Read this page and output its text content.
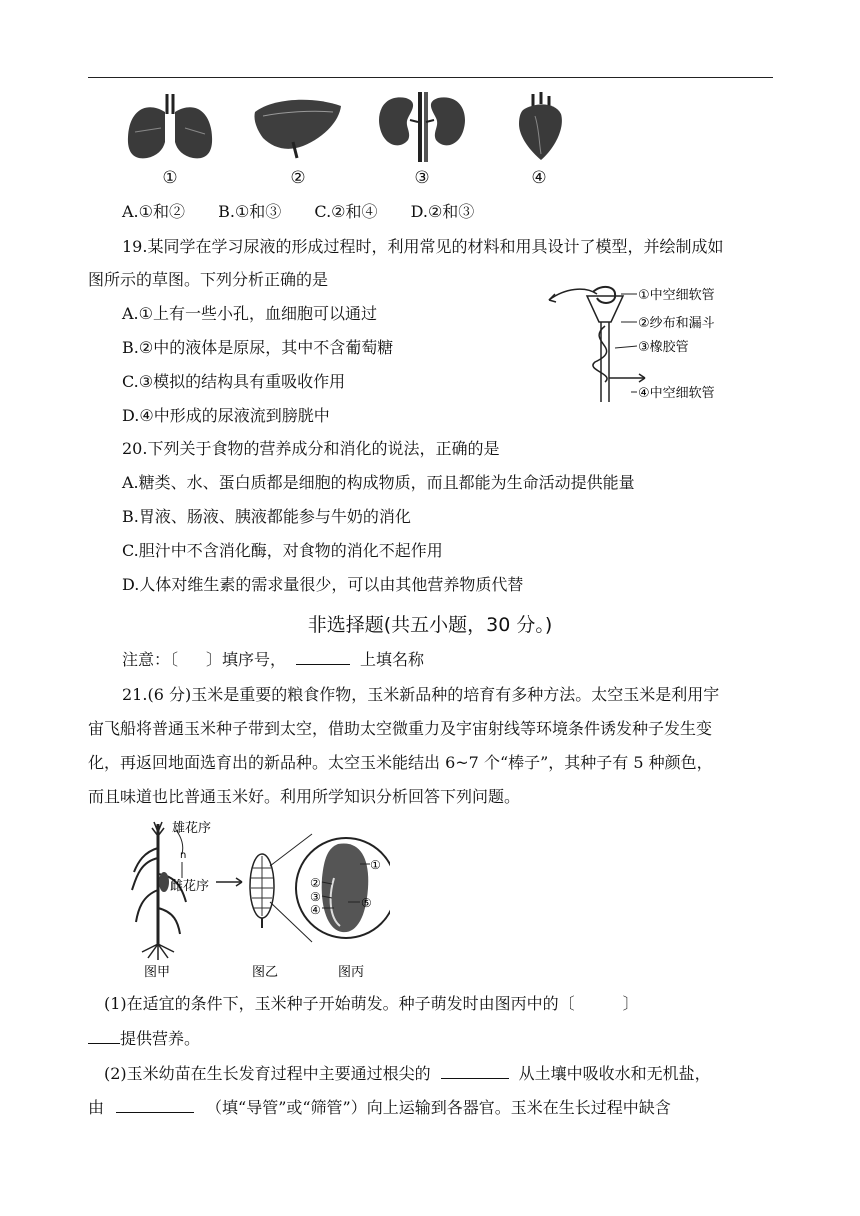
①	②	③	④
A.①和② B.①和③ C.②和④ D.②和③
19.某同学在学习尿液的形成过程时，利用常见的材料和用具设计了模型，并绘制成如
图所示的草图。下列分析正确的是
A.①上有一些小孔，血细胞可以通过
B.②中的液体是原尿，其中不含葡萄糖
C.③模拟的结构具有重吸收作用
D.④中形成的尿液流到膀胱中
①中空细软管
②纱布和漏斗
③橡胶管
④中空细软管
20.下列关于食物的营养成分和消化的说法，正确的是
A.糖类、水、蛋白质都是细胞的构成物质，而且都能为生命活动提供能量
B.胃液、肠液、胰液都能参与牛奶的消化
C.胆汁中不含消化酶，对食物的消化不起作用
D.人体对维生素的需求量很少，可以由其他营养物质代替
非选择题(共五小题，30 分。)
注意：〔 〕填序号，	上填名称
21.(6 分)玉米是重要的粮食作物，玉米新品种的培育有多种方法。太空玉米是利用宇
宙飞船将普通玉米种子带到太空，借助太空微重力及宇宙射线等环境条件诱发种子发生变
化，再返回地面选育出的新品种。太空玉米能结出 6~7 个“棒子”，其种子有 5 种颜色，
而且味道也比普通玉米好。利用所学知识分析回答下列问题。
雄花序
n
雌花序
①
②
③
④	⑤
图甲	图乙	图丙
(1)在适宜的条件下，玉米种子开始萌发。种子萌发时由图丙中的〔	〕
提供营养。
(2)玉米幼苗在生长发育过程中主要通过根尖的	从土壤中吸收水和无机盐，
由	（填“导管”或“筛管”）向上运输到各器官。玉米在生长过程中缺含
